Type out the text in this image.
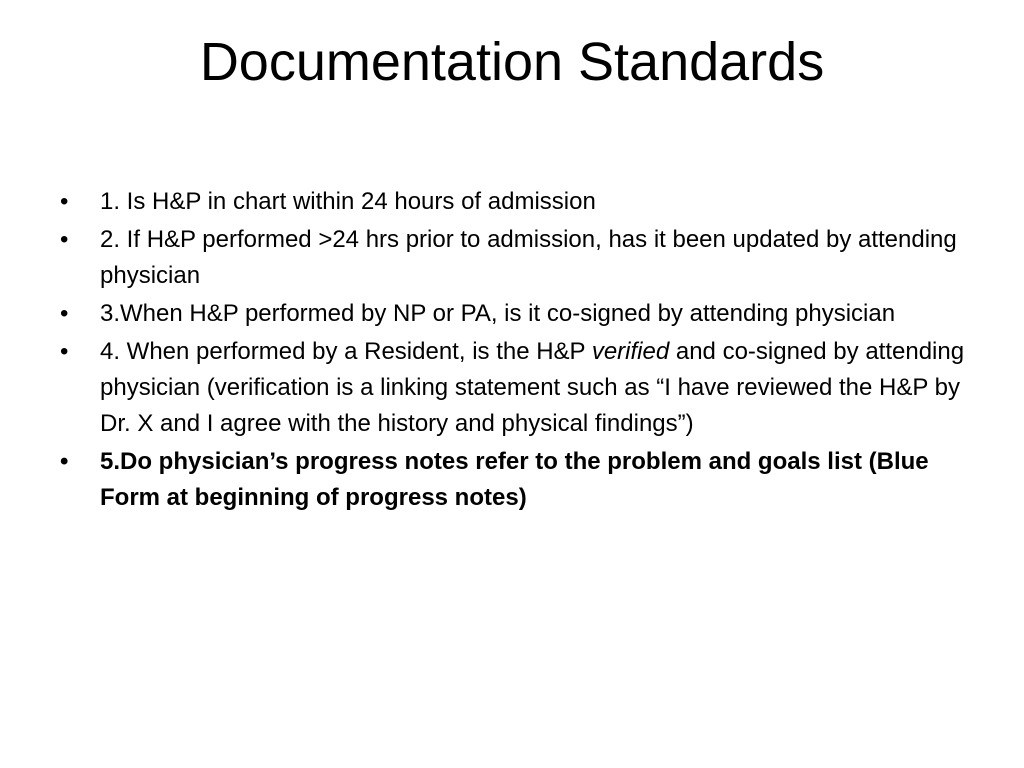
Documentation Standards
• 1. Is H&P in chart within 24 hours of admission
• 2. If H&P performed >24 hrs prior to admission, has it been updated by attending physician
• 3.When H&P performed by NP or PA, is it co-signed by attending physician
• 4. When performed by a Resident, is the H&P verified and co-signed by attending physician (verification is a linking statement such as “I have reviewed the H&P by Dr. X and I agree with the history and physical findings”)
• 5.Do physician’s progress notes refer to the problem and goals list (Blue Form at beginning of progress notes)
